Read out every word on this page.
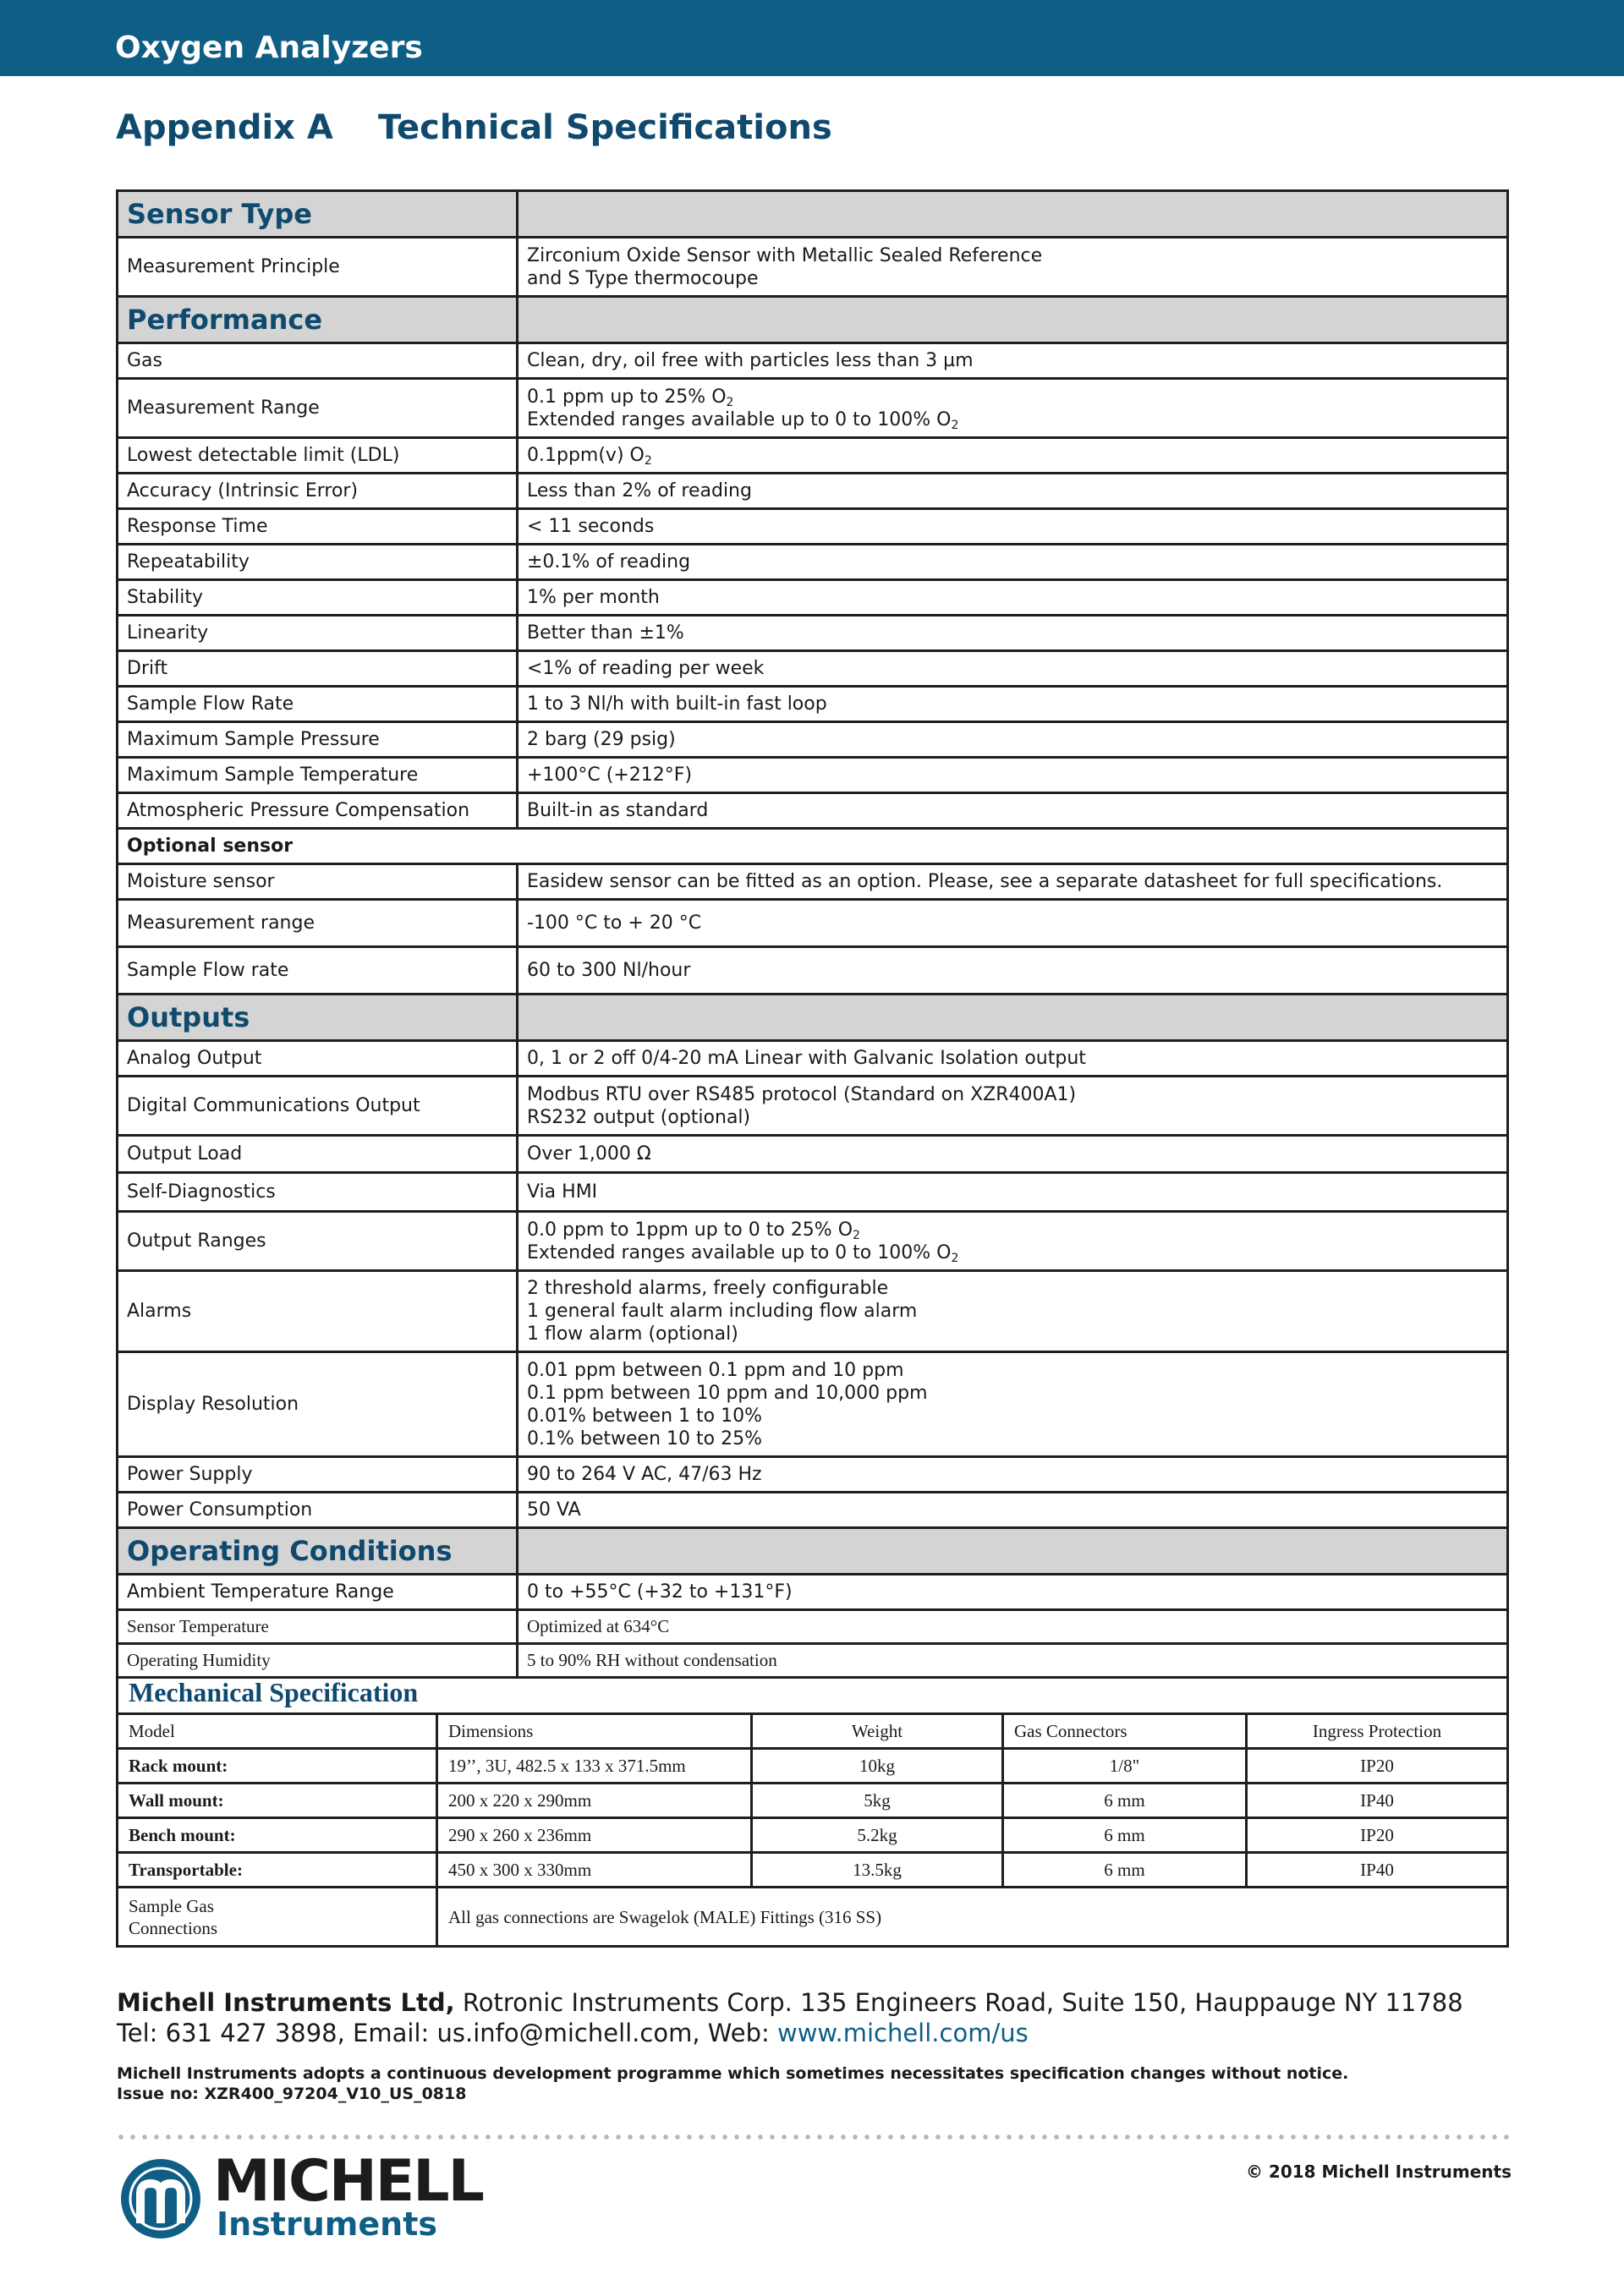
Oxygen Analyzers
Appendix A Technical Specifications
Sensor Type	
Measurement Principle	Zirconium Oxide Sensor with Metallic Sealed Reference
and S Type thermocoupe
Performance	
Gas	Clean, dry, oil free with particles less than 3 µm
Measurement Range	0.1 ppm up to 25% $O_2$
Extended ranges available up to 0 to 100% $O_2$
Lowest detectable limit (LDL)	0.1ppm(v) $O_2$
Accuracy (Intrinsic Error)	Less than 2% of reading
Response Time	< 11 seconds
Repeatability	±0.1% of reading
Stability	1% per month
Linearity	Better than ±1%
Drift	<1% of reading per week
Sample Flow Rate	1 to 3 Nl/h with built-in fast loop
Maximum Sample Pressure	2 barg (29 psig)
Maximum Sample Temperature	+100°C (+212°F)
Atmospheric Pressure Compensation	Built-in as standard
Optional sensor	
Moisture sensor	Easidew sensor can be fitted as an option. Please, see a separate datasheet for full specifications.
Measurement range	-100 °C to + 20 °C
Sample Flow rate	60 to 300 Nl/hour
Outputs	
Analog Output	0, 1 or 2 off 0/4-20 mA Linear with Galvanic Isolation output
Digital Communications Output	Modbus RTU over RS485 protocol (Standard on XZR400A1)
RS232 output (optional)
Output Load	Over 1,000 Ω
Self-Diagnostics	Via HMI
Output Ranges	0.0 ppm to 1ppm up to 0 to 25% $O_2$
Extended ranges available up to 0 to 100% $O_2$
Alarms	2 threshold alarms, freely configurable
1 general fault alarm including flow alarm
1 flow alarm (optional)
Display Resolution	0.01 ppm between 0.1 ppm and 10 ppm
0.1 ppm between 10 ppm and 10,000 ppm
0.01% between 1 to 10%
0.1% between 10 to 25%
Power Supply	90 to 264 V AC, 47/63 Hz
Power Consumption	50 VA
Operating Conditions	
Ambient Temperature Range	0 to +55°C (+32 to +131°F)
Sensor Temperature	Optimized at 634°C
Operating Humidity	5 to 90% RH without condensation
Mechanical Specification				
Model	Dimensions	Weight	Gas Connectors	Ingress Protection
Rack mount:	19’’, 3U, 482.5 x 133 x 371.5mm	10kg	1/8"	IP20
Wall mount:	200 x 220 x 290mm	5kg	6 mm	IP40
Bench mount:	290 x 260 x 236mm	5.2kg	6 mm	IP20
Transportable:	450 x 300 x 330mm	13.5kg	6 mm	IP40
Sample Gas
Connections	All gas connections are Swagelok (MALE) Fittings (316 SS)			
Michell Instruments Ltd, Rotronic Instruments Corp. 135 Engineers Road, Suite 150, Hauppauge NY 11788 Tel: 631 427 3898, Email: us.info@michell.com, Web: www.michell.com/us
Michell Instruments adopts a continuous development programme which sometimes necessitates specification changes without notice.
Issue no: XZR400_97204_V10_US_0818
© 2018 Michell Instruments
MICHELL
Instruments
